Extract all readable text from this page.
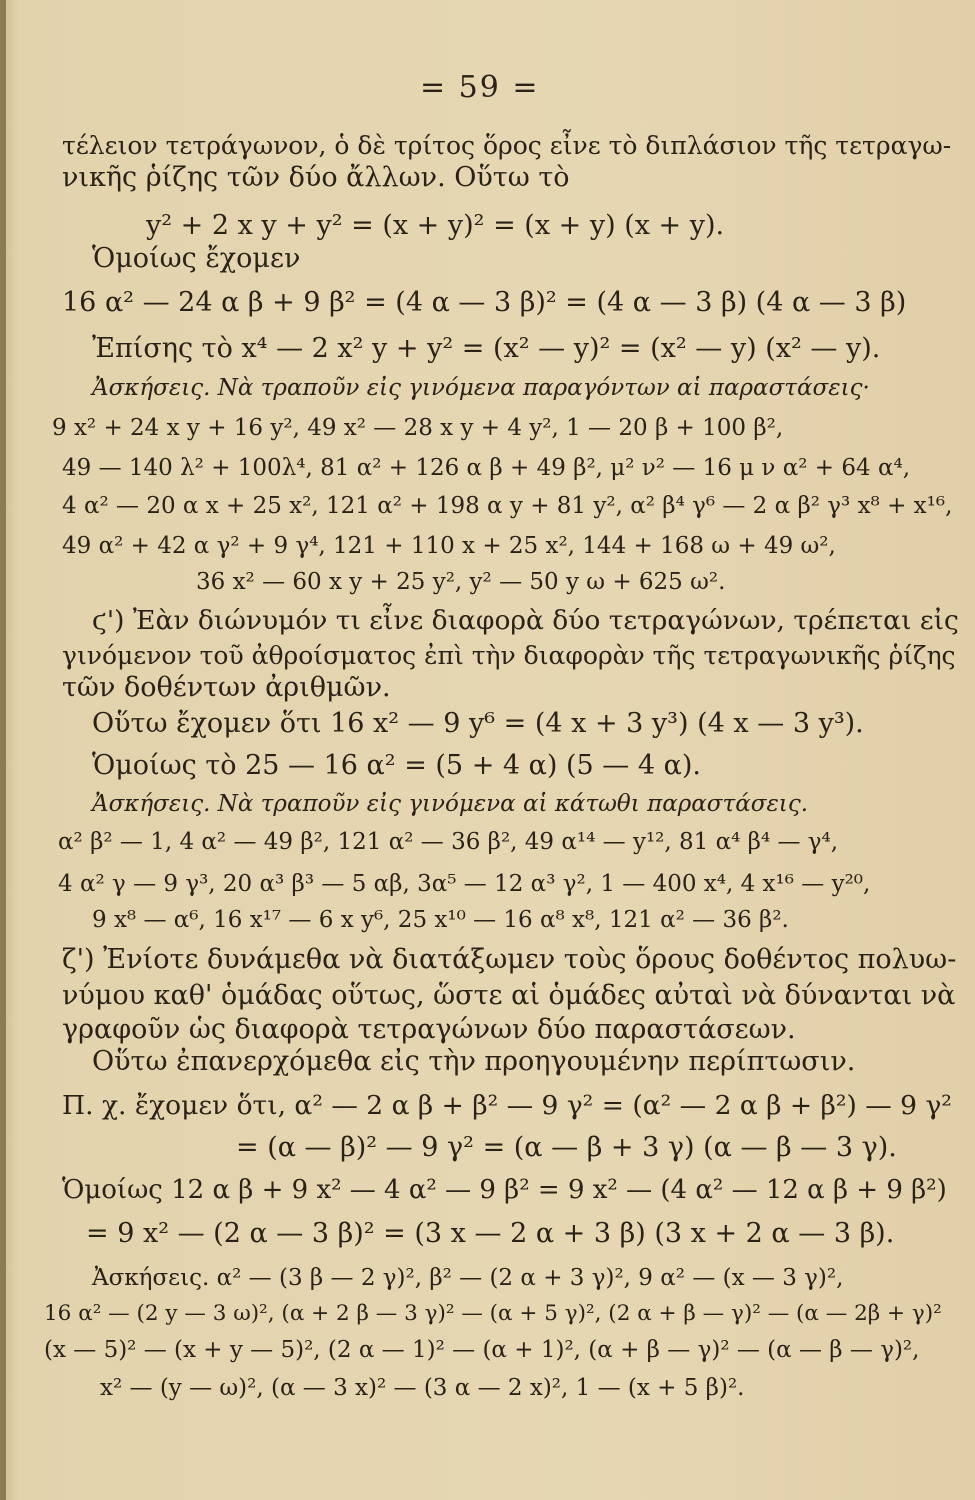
= 59 =
τέλειον τετράγωνον, ὁ δὲ τρίτος ὅρος εἶνε τὸ διπλάσιον τῆς τετραγω-
νικῆς ῥίζης τῶν δύο ἄλλων. Οὕτω τὸ
y² + 2 x y + y² = (x + y)² = (x + y) (x + y).
Ὁμοίως ἔχομεν
16 α² — 24 α β + 9 β² = (4 α — 3 β)² = (4 α — 3 β) (4 α — 3 β)
Ἐπίσης τὸ x⁴ — 2 x² y + y² = (x² — y)² = (x² — y) (x² — y).
Ἀσκήσεις. Νὰ τραποῦν εἰς γινόμενα παραγόντων αἱ παραστάσεις·
9 x² + 24 x y + 16 y², 49 x² — 28 x y + 4 y², 1 — 20 β + 100 β²,
49 — 140 λ² + 100λ⁴, 81 α² + 126 α β + 49 β², μ² ν² — 16 μ ν α² + 64 α⁴,
4 α² — 20 α x + 25 x², 121 α² + 198 α y + 81 y², α² β⁴ γ⁶ — 2 α β² γ³ x⁸ + x¹⁶,
49 α² + 42 α γ² + 9 γ⁴, 121 + 110 x + 25 x², 144 + 168 ω + 49 ω²,
36 x² — 60 x y + 25 y², y² — 50 y ω + 625 ω².
ϛ') Ἐὰν διώνυμόν τι εἶνε διαφορὰ δύο τετραγώνων, τρέπεται εἰς
γινόμενον τοῦ ἀθροίσματος ἐπὶ τὴν διαφορὰν τῆς τετραγωνικῆς ῥίζης
τῶν δοθέντων ἀριθμῶν.
Οὕτω ἔχομεν ὅτι 16 x² — 9 y⁶ = (4 x + 3 y³) (4 x — 3 y³).
Ὁμοίως τὸ 25 — 16 α² = (5 + 4 α) (5 — 4 α).
Ἀσκήσεις. Νὰ τραποῦν εἰς γινόμενα αἱ κάτωθι παραστάσεις.
α² β² — 1, 4 α² — 49 β², 121 α² — 36 β², 49 α¹⁴ — y¹², 81 α⁴ β⁴ — γ⁴,
4 α² γ — 9 γ³, 20 α³ β³ — 5 αβ, 3α⁵ — 12 α³ γ², 1 — 400 x⁴, 4 x¹⁶ — y²⁰,
9 x⁸ — α⁶, 16 x¹⁷ — 6 x y⁶, 25 x¹⁰ — 16 α⁸ x⁸, 121 α² — 36 β².
ζ') Ἐνίοτε δυνάμεθα νὰ διατάξωμεν τοὺς ὅρους δοθέντος πολυω-
νύμου καθ' ὁμάδας οὕτως, ὥστε αἱ ὁμάδες αὐταὶ νὰ δύνανται νὰ
γραφοῦν ὡς διαφορὰ τετραγώνων δύο παραστάσεων.
Οὕτω ἐπανερχόμεθα εἰς τὴν προηγουμένην περίπτωσιν.
Π. χ. ἔχομεν ὅτι, α² — 2 α β + β² — 9 γ² = (α² — 2 α β + β²) — 9 γ²
= (α — β)² — 9 γ² = (α — β + 3 γ) (α — β — 3 γ).
Ὁμοίως 12 α β + 9 x² — 4 α² — 9 β² = 9 x² — (4 α² — 12 α β + 9 β²)
= 9 x² — (2 α — 3 β)² = (3 x — 2 α + 3 β) (3 x + 2 α — 3 β).
Ἀσκήσεις. α² — (3 β — 2 γ)², β² — (2 α + 3 γ)², 9 α² — (x — 3 γ)²,
16 α² — (2 y — 3 ω)², (α + 2 β — 3 γ)² — (α + 5 γ)², (2 α + β — γ)² — (α — 2β + γ)²
(x — 5)² — (x + y — 5)², (2 α — 1)² — (α + 1)², (α + β — γ)² — (α — β — γ)²,
x² — (y — ω)², (α — 3 x)² — (3 α — 2 x)², 1 — (x + 5 β)².
